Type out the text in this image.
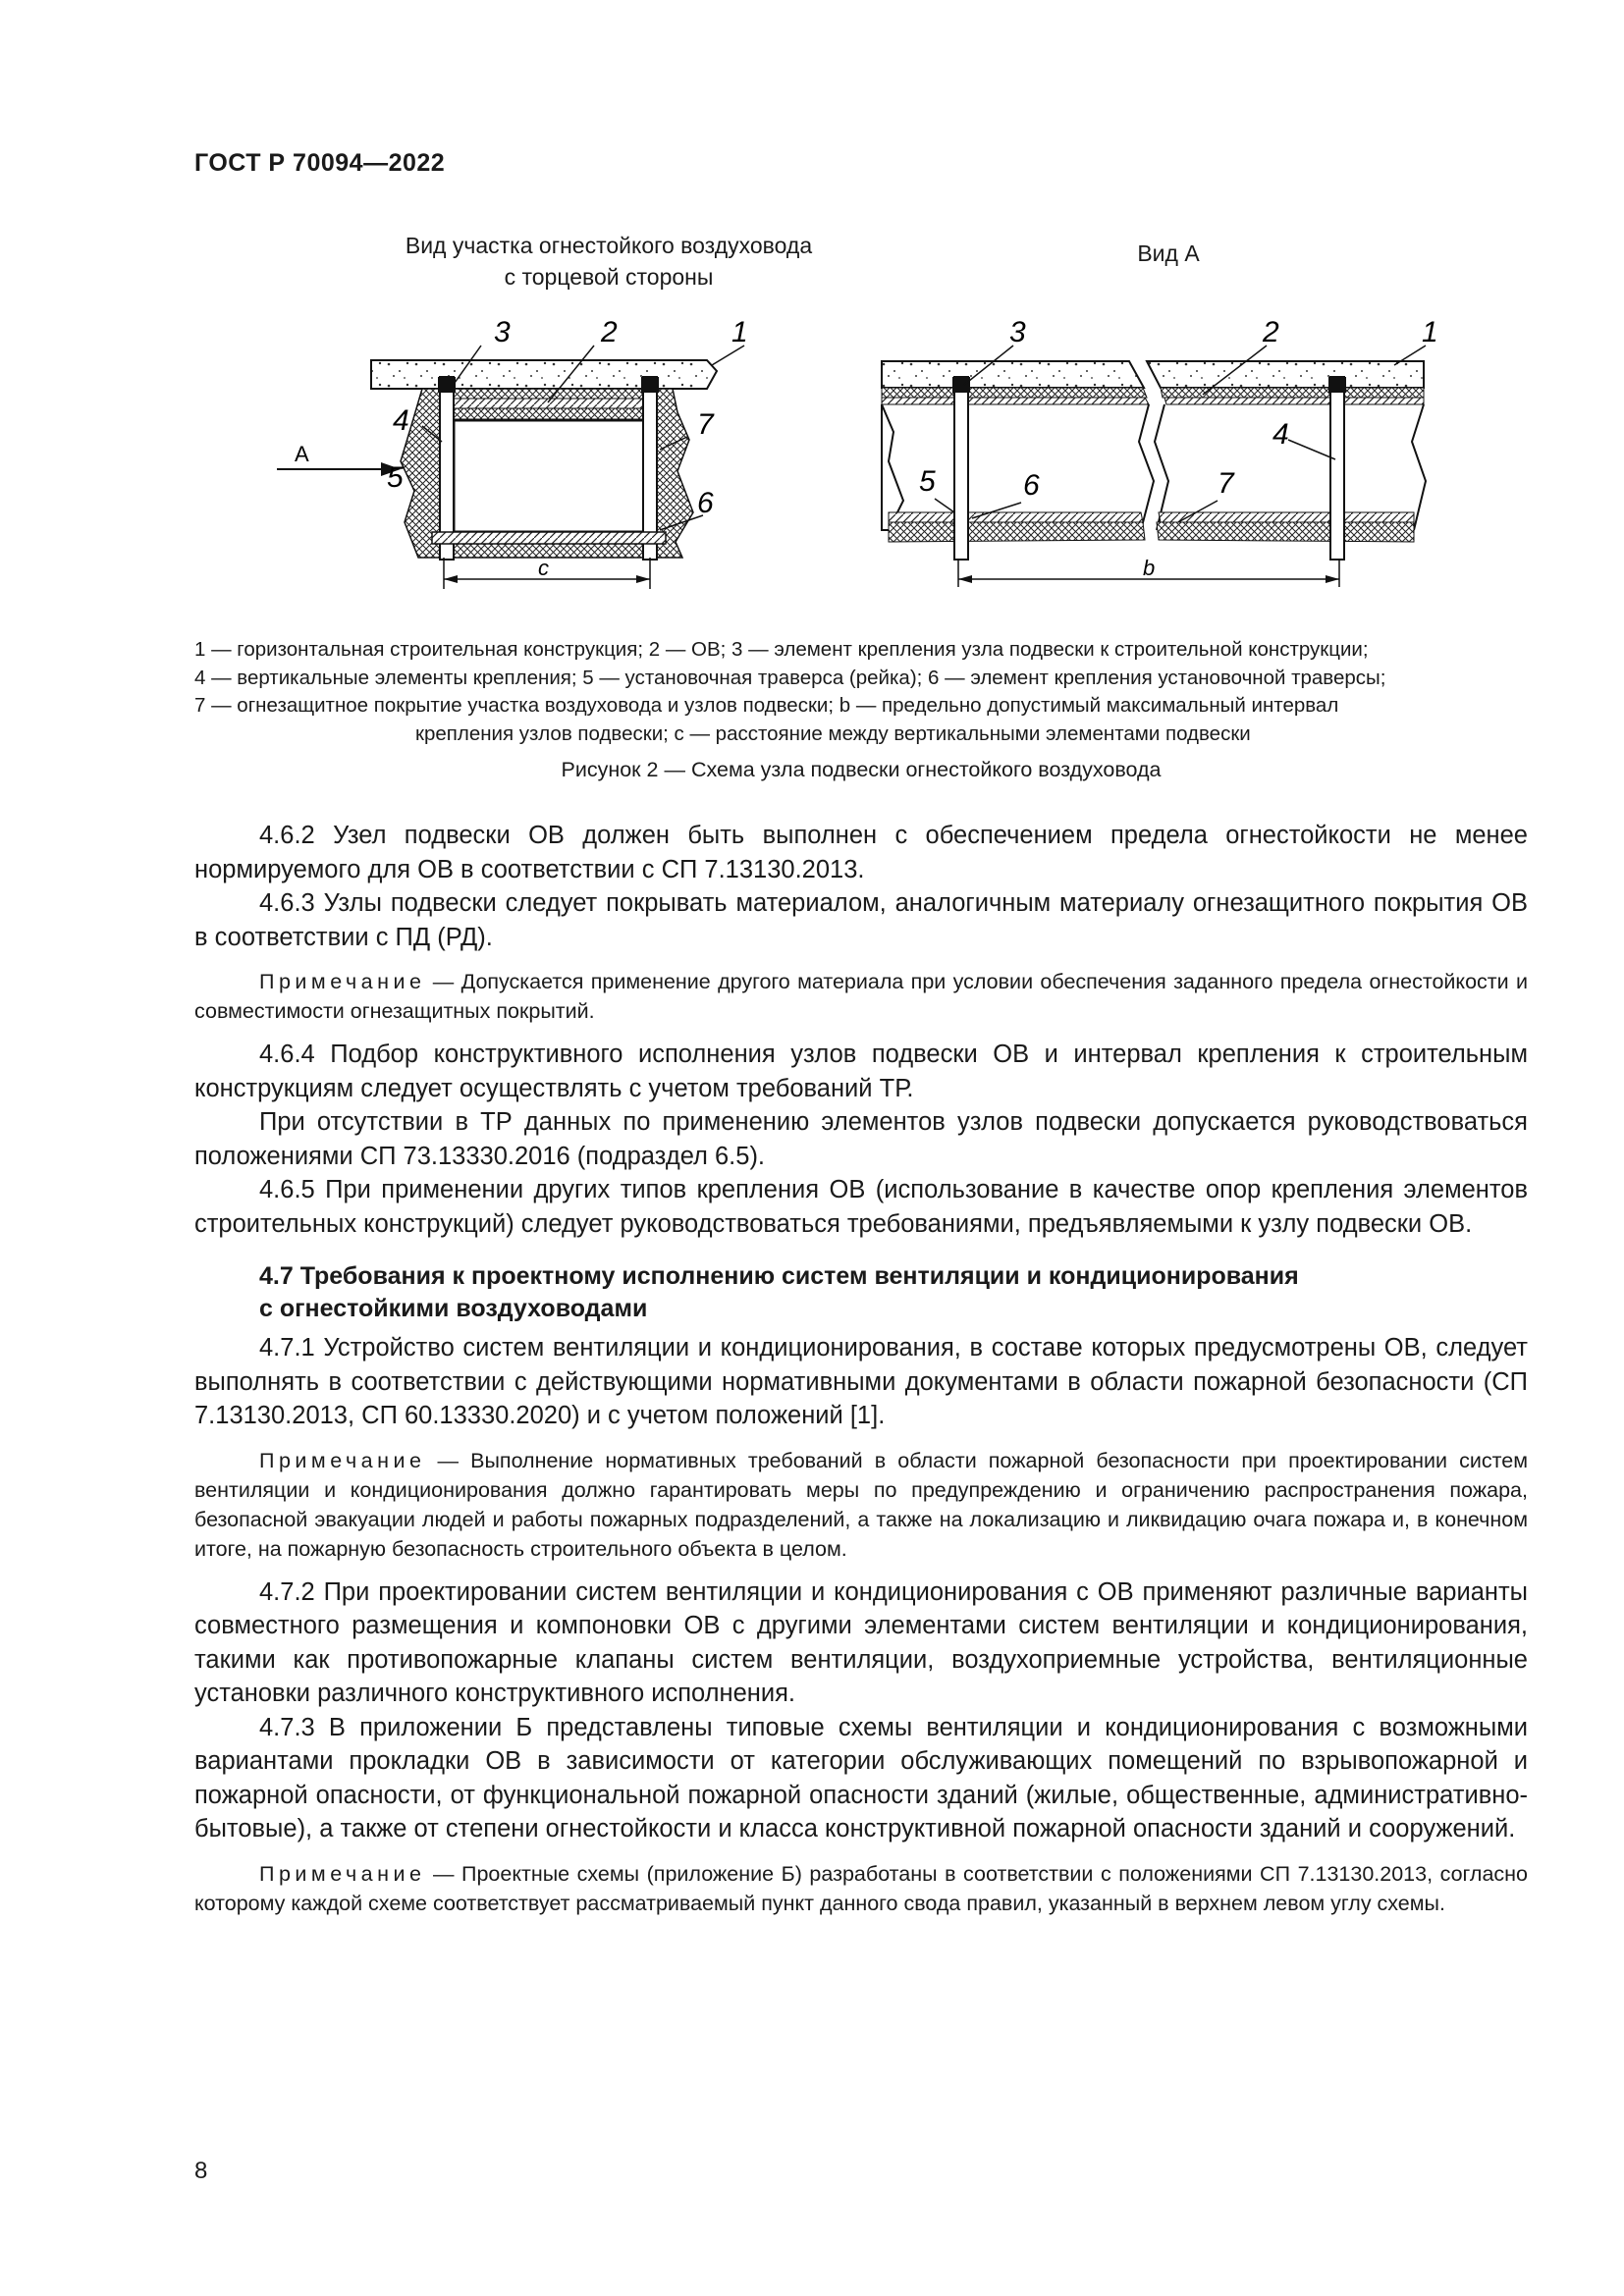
ГОСТ Р 70094—2022
Вид участка огнестойкого воздуховода
с торцевой стороны
Вид А
3	2	1
4
5
7
6
А
c
3	2	1
4
5	6	7
b

1 — горизонтальная строительная конструкция; 2 — ОВ; 3 — элемент крепления узла подвески к строительной конструкции;

4 — вертикальные элементы крепления; 5 — установочная траверса (рейка); 6 — элемент крепления установочной траверсы;

7 — огнезащитное покрытие участка воздуховода и узлов подвески; b — предельно допустимый максимальный интервал

крепления узлов подвески; c — расстояние между вертикальными элементами подвески

Рисунок 2 — Схема узла подвески огнестойкого воздуховода

4.6.2 Узел подвески ОВ должен быть выполнен с обеспечением предела огнестойкости не менее нормируемого для ОВ в соответствии с СП 7.13130.2013.

4.6.3 Узлы подвески следует покрывать материалом, аналогичным материалу огнезащитного покрытия ОВ в соответствии с ПД (РД).

Примечание — Допускается применение другого материала при условии обеспечения заданного предела огнестойкости и совместимости огнезащитных покрытий.

4.6.4 Подбор конструктивного исполнения узлов подвески ОВ и интервал крепления к строительным конструкциям следует осуществлять с учетом требований ТР.

При отсутствии в ТР данных по применению элементов узлов подвески допускается руководствоваться положениями СП 73.13330.2016 (подраздел 6.5).

4.6.5 При применении других типов крепления ОВ (использование в качестве опор крепления элементов строительных конструкций) следует руководствоваться требованиями, предъявляемыми к узлу подвески ОВ.

4.7 Требования к проектному исполнению систем вентиляции и кондиционирования
с огнестойкими воздуховодами

4.7.1 Устройство систем вентиляции и кондиционирования, в составе которых предусмотрены ОВ, следует выполнять в соответствии с действующими нормативными документами в области пожарной безопасности (СП 7.13130.2013, СП 60.13330.2020) и с учетом положений [1].

Примечание — Выполнение нормативных требований в области пожарной безопасности при проектировании систем вентиляции и кондиционирования должно гарантировать меры по предупреждению и ограничению распространения пожара, безопасной эвакуации людей и работы пожарных подразделений, а также на локализацию и ликвидацию очага пожара и, в конечном итоге, на пожарную безопасность строительного объекта в целом.

4.7.2 При проектировании систем вентиляции и кондиционирования с ОВ применяют различные варианты совместного размещения и компоновки ОВ с другими элементами систем вентиляции и кондиционирования, такими как противопожарные клапаны систем вентиляции, воздухоприемные устройства, вентиляционные установки различного конструктивного исполнения.

4.7.3 В приложении Б представлены типовые схемы вентиляции и кондиционирования с возможными вариантами прокладки ОВ в зависимости от категории обслуживающих помещений по взрывопожарной и пожарной опасности, от функциональной пожарной опасности зданий (жилые, общественные, административно-бытовые), а также от степени огнестойкости и класса конструктивной пожарной опасности зданий и сооружений.

Примечание — Проектные схемы (приложение Б) разработаны в соответствии с положениями СП 7.13130.2013, согласно которому каждой схеме соответствует рассматриваемый пункт данного свода правил, указанный в верхнем левом углу схемы.

8
